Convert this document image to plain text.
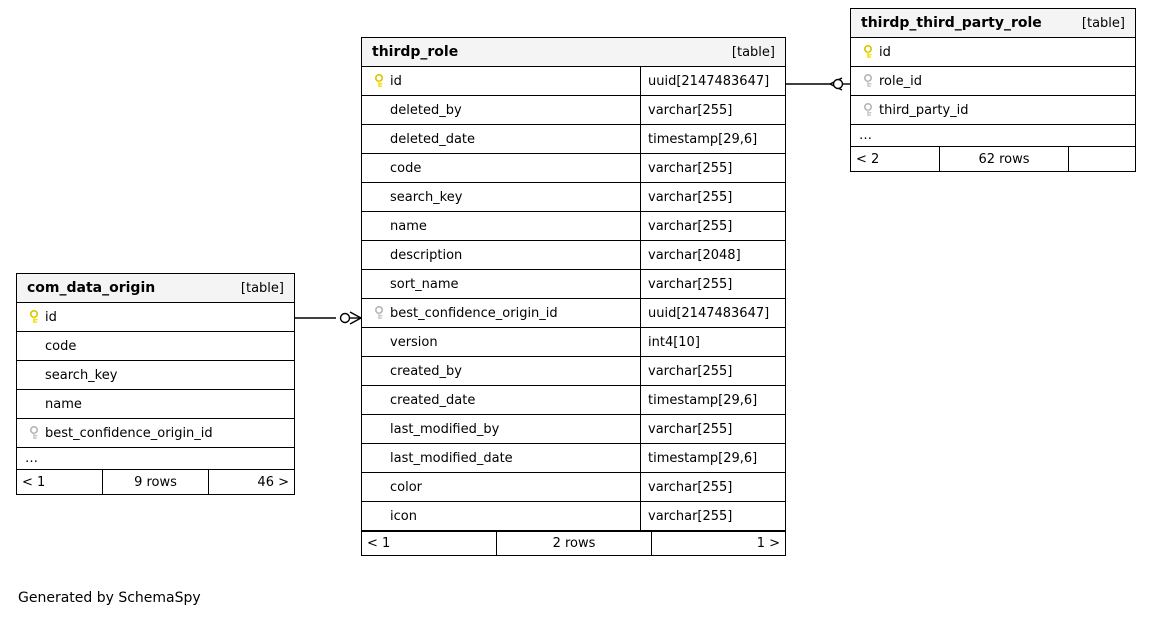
thirdp_role	[table]
id	uuid[2147483647]
deleted_by	varchar[255]
deleted_date	timestamp[29,6]
code	varchar[255]
search_key	varchar[255]
name	varchar[255]
description	varchar[2048]
sort_name	varchar[255]
best_confidence_origin_id	uuid[2147483647]
version	int4[10]
created_by	varchar[255]
created_date	timestamp[29,6]
last_modified_by	varchar[255]
last_modified_date	timestamp[29,6]
color	varchar[255]
icon	varchar[255]
< 1	2 rows	1 >
thirdp_third_party_role	[table]
id
role_id
third_party_id
…
< 2	62 rows
com_data_origin	[table]
id
code
search_key
name
best_confidence_origin_id
…
< 1	9 rows	46 >
Generated by SchemaSpy
